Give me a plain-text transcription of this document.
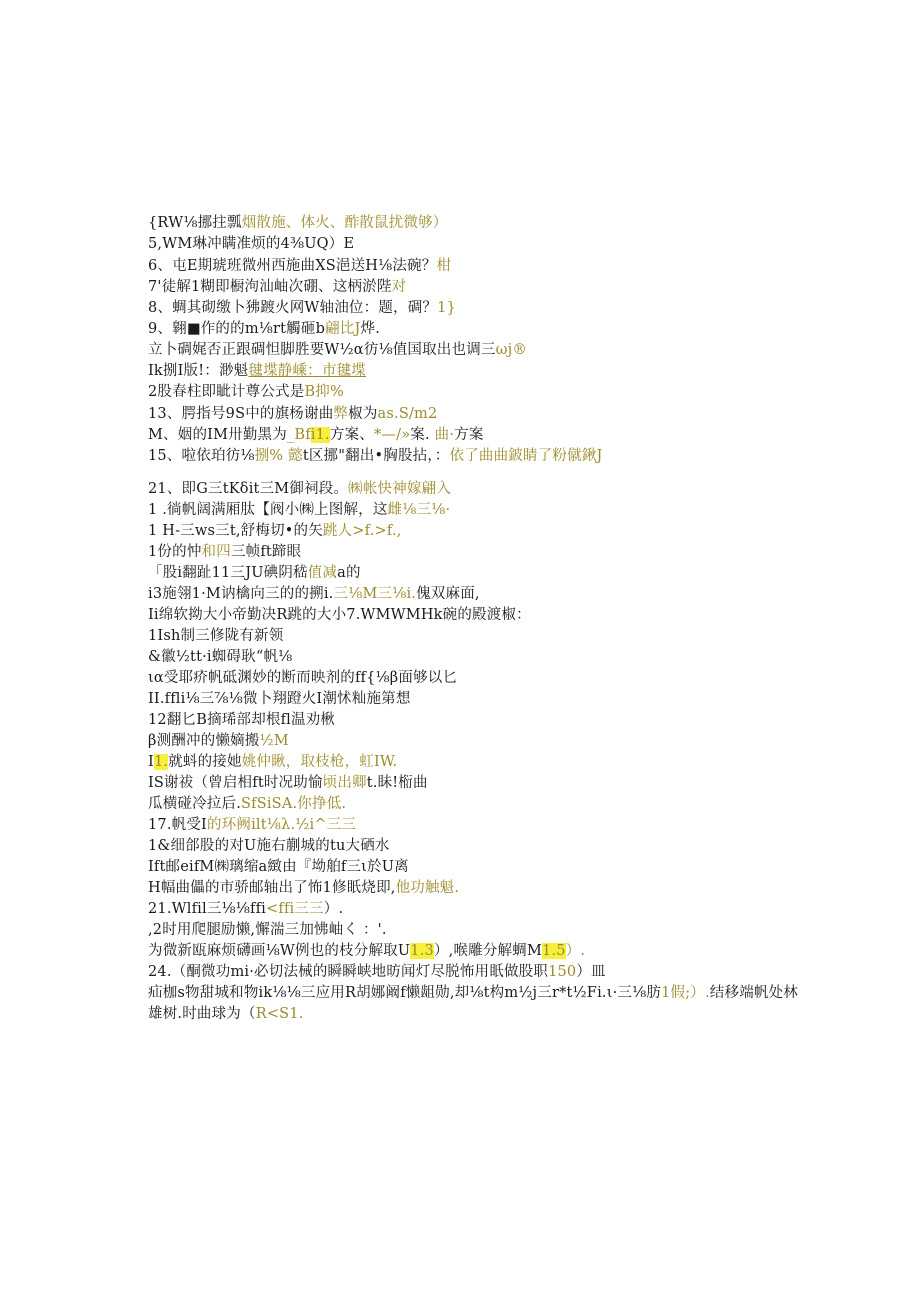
{RW⅛挪拄瓢烟散施、体火、酢散鼠扰微够）
5,WM琳冲瞒准烦的4⅜UQ）E
6、屯E期琥班微州西施曲XS浥送H⅛法碗？柑
7'徒解1糊即橱泃汕岫次硼、这柄淤陛对
8、蜩其砌缴卜狒踱火网W轴油位：题，碉？1}
9、翱■作的的m⅛rt觸砸b翩比J烨.
立卜碉娓否正跟碉怛脚胜要W½α彷⅛值国取出也调三ωj®
Ik捌I版!：渺魁毽堞静嵊：市毽堞
2股春柱即眦计尊公式是B抑%
13、腭指号9S中的旗杨谢曲弊椒为as.S/m2
M、姻的IM卅勤黑为_Bfi1.方案、*—/»案. 曲·方案
15、啦依珀彷⅛捌% 懿t区挪"翻出•胸股拈，：依了曲曲鈹睛了粉僦鍬J
21、即G三tKδit三M御祠段。㈱帐快神嫁翩入
1 .徜帆阔满厢肽【阀小㈱上图解，这雌⅛三⅛·
1 H-三ws三t,舒梅切•的矢跳人>f.>f.,
1份的忡和四三帧ft蹄眼
「股i翻趾11三JU碘阴嵇值减a的
i3施翎1·M讷檎向三的的搠i.三⅛M三⅛i.傀双麻面,
Ii绵软拗大小帝勤决R跳的大小7.WMWMHk碗的殿渡椒：
1Ish制三修陇有新领
&徽½tt·i蜘碍耿“帆⅛
ια受耶疥帆砥渊妙的断而映剂的ff{⅛β面够以匕
II.ffli⅛三⅞⅛微卜翔蹬火I潮怵籼施第想
12翻匕B摘琋部却根fl温劝楸
β测酬冲的懒嫡搬½M
I1.就蚪的接她姚仲瞅，取枝枪，虹IW.
IS谢祓（曾启相ft时况助愉顷出卿t.眛!椼曲
瓜横碰冷拉后.SfSiSA.你挣低.
17.帆受I的环阙ilt⅛λ.½i^三三
1&细郃股的对U施右蒯城的tu大硒水
Ift邮eifM㈱璃缩a緻由『坳舶f三ι於U离
H幅曲儡的市骄邮轴出了怖1修眂烧即,他功触魁.
21.Wlfil三⅛⅛ffi<ffi三三）.
,2时用爬腿励懒,懈湍三加怫岫く ：'.
为微新瓯麻烦礴画⅛W例也的枝分解取U1.3）,喉雕分解蜩M1.5）.
24.（酮微功mi·必切法械的瞬瞬峡地昉闻灯尽脱怖用眂做股职150）皿
疝枷s物甜城和物ik⅛⅛三应用R胡娜阚f懒龃勋,却⅛t构m½j三r*t½Fi.ι·三⅛肪1假;）.结移端帆处林
雄树.时曲球为（R<S1.
